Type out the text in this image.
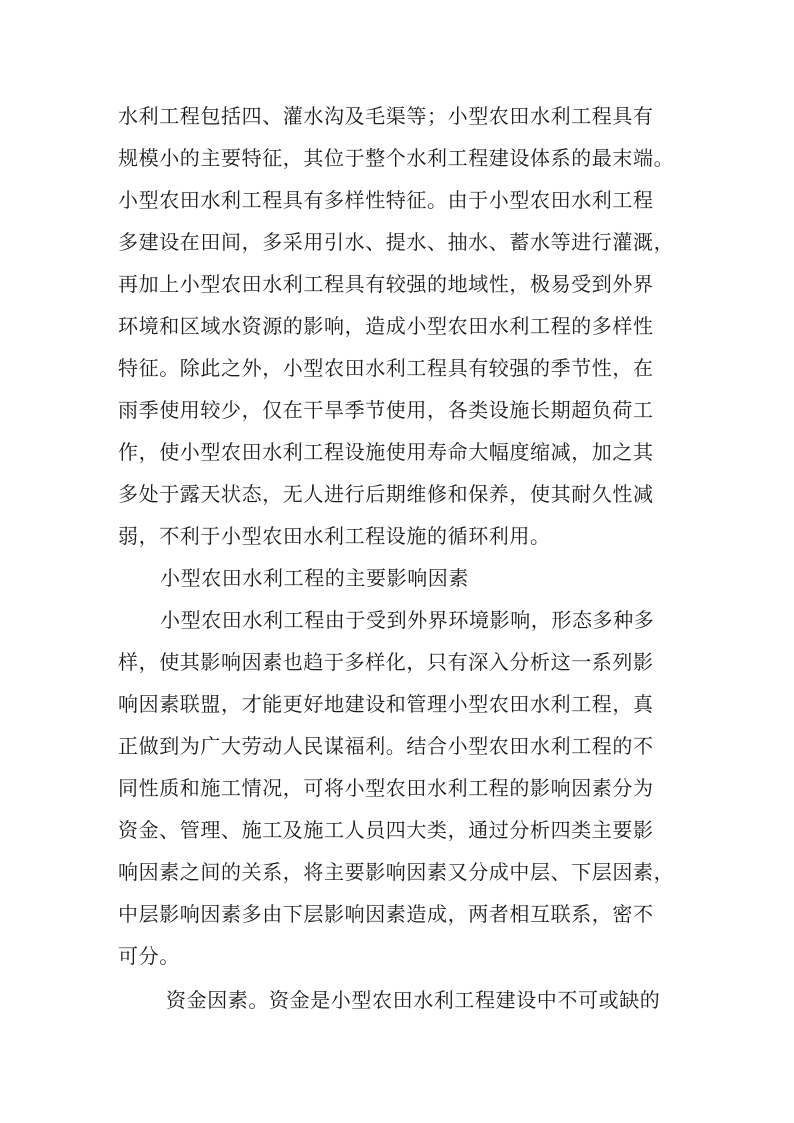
水利工程包括四、灌水沟及毛渠等；小型农田水利工程具有
规模小的主要特征，其位于整个水利工程建设体系的最末端。
小型农田水利工程具有多样性特征。由于小型农田水利工程
多建设在田间，多采用引水、提水、抽水、蓄水等进行灌溉，
再加上小型农田水利工程具有较强的地域性，极易受到外界
环境和区域水资源的影响，造成小型农田水利工程的多样性
特征。除此之外，小型农田水利工程具有较强的季节性，在
雨季使用较少，仅在干旱季节使用，各类设施长期超负荷工
作，使小型农田水利工程设施使用寿命大幅度缩减，加之其
多处于露天状态，无人进行后期维修和保养，使其耐久性减
弱，不利于小型农田水利工程设施的循环利用。
小型农田水利工程的主要影响因素
小型农田水利工程由于受到外界环境影响，形态多种多
样，使其影响因素也趋于多样化，只有深入分析这一系列影
响因素联盟，才能更好地建设和管理小型农田水利工程，真
正做到为广大劳动人民谋福利。结合小型农田水利工程的不
同性质和施工情况，可将小型农田水利工程的影响因素分为
资金、管理、施工及施工人员四大类，通过分析四类主要影
响因素之间的关系，将主要影响因素又分成中层、下层因素，
中层影响因素多由下层影响因素造成，两者相互联系，密不
可分。
资金因素。资金是小型农田水利工程建设中不可或缺的
